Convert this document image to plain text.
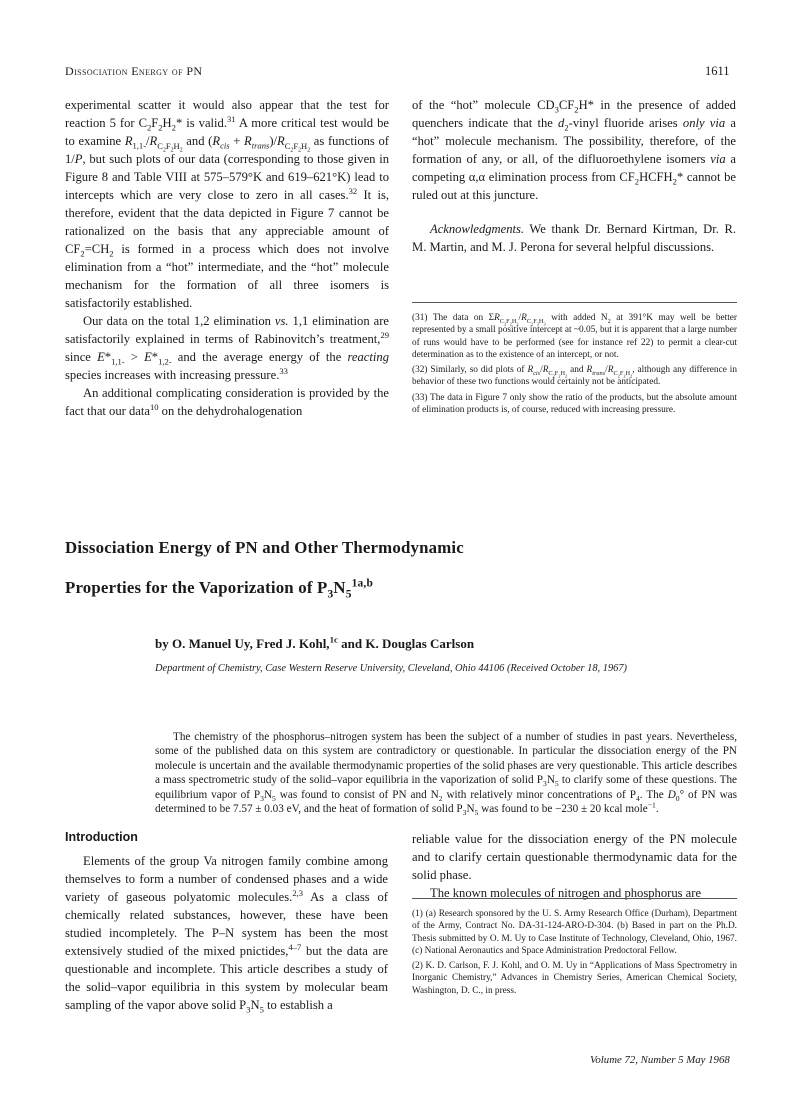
Dissociation Energy of PN	1611

experimental scatter it would also appear that the test for reaction 5 for $C_2F_2H_2*$ is valid.$^{31}$ A more critical test would be to examine $R_{1,1-}/R_{C_2F_2H_2}$ and $(R_{cis} + R_{trans})/R_{C_2F_2H_2}$ as functions of 1/P, but such plots of our data (corresponding to those given in Figure 8 and Table VIII at 575–579°K and 619–621°K) lead to intercepts which are very close to zero in all cases.$^{32}$ It is, therefore, evident that the data depicted in Figure 7 cannot be rationalized on the basis that any appreciable amount of $CF_2=CH_2$ is formed in a process which does not involve elimination from a “hot” intermediate, and the “hot” molecule mechanism for the formation of all three isomers is satisfactorily established.

Our data on the total 1,2 elimination vs. 1,1 elimination are satisfactorily explained in terms of Rabinovitch’s treatment,$^{29}$ since $E*_{1,1-} > E*_{1,2-}$ and the average energy of the reacting species increases with increasing pressure.$^{33}$

An additional complicating consideration is provided by the fact that our data$^{10}$ on the dehydrohalogenation

of the “hot” molecule $CD_3CF_2H*$ in the presence of added quenchers indicate that the $d_2$-vinyl fluoride arises only via a “hot” molecule mechanism. The possibility, therefore, of the formation of any, or all, of the difluoroethylene isomers via a competing α,α elimination process from $CF_2HCFH_2*$ cannot be ruled out at this juncture.

Acknowledgments. We thank Dr. Bernard Kirtman, Dr. R. M. Martin, and M. J. Perona for several helpful discussions.

(31) The data on $\Sigma R_{C_2F_2H_2}/R_{C_2F_3H_3}$ with added $N_2$ at 391°K may well be better represented by a small positive intercept at ~0.05, but it is apparent that a large number of runs would have to be performed (see for instance ref 22) to permit a clear-cut determination as to the existence of an intercept, or not.

(32) Similarly, so did plots of $R_{cis}/R_{C_2F_2H_2}$ and $R_{trans}/R_{C_2F_2H_2}$, although any difference in behavior of these two functions would certainly not be anticipated.

(33) The data in Figure 7 only show the ratio of the products, but the absolute amount of elimination products is, of course, reduced with increasing pressure.

Dissociation Energy of PN and Other Thermodynamic
Properties for the Vaporization of $P_3N_5^{1a,b}$
by O. Manuel Uy, Fred J. Kohl,$^{1c}$ and K. Douglas Carlson
Department of Chemistry, Case Western Reserve University, Cleveland, Ohio 44106 (Received October 18, 1967)
The chemistry of the phosphorus–nitrogen system has been the subject of a number of studies in past years. Nevertheless, some of the published data on this system are contradictory or questionable. In particular the dissociation energy of the PN molecule is uncertain and the available thermodynamic properties of the solid phases are very questionable. This article describes a mass spectrometric study of the solid–vapor equilibria in the vaporization of solid $P_3N_5$ to clarify some of these questions. The equilibrium vapor of $P_3N_5$ was found to consist of PN and $N_2$ with relatively minor concentrations of $P_4$. The $D_0^\circ$ of PN was determined to be 7.57 ± 0.03 eV, and the heat of formation of solid $P_3N_5$ was found to be −230 ± 20 kcal mole$^{-1}$.
Introduction

Elements of the group Va nitrogen family combine among themselves to form a number of condensed phases and a wide variety of gaseous polyatomic molecules.$^{2,3}$ As a class of chemically related substances, however, these have been studied incompletely. The P–N system has been the most extensively studied of the mixed pnictides,$^{4-7}$ but the data are questionable and incomplete. This article describes a study of the solid–vapor equilibria in this system by molecular beam sampling of the vapor above solid $P_3N_5$ to establish a

reliable value for the dissociation energy of the PN molecule and to clarify certain questionable thermodynamic data for the solid phase.

The known molecules of nitrogen and phosphorus are

(1) (a) Research sponsored by the U. S. Army Research Office (Durham), Department of the Army, Contract No. DA-31-124-ARO-D-304. (b) Based in part on the Ph.D. Thesis submitted by O. M. Uy to Case Institute of Technology, Cleveland, Ohio, 1967. (c) National Aeronautics and Space Administration Predoctoral Fellow.

(2) K. D. Carlson, F. J. Kohl, and O. M. Uy in “Applications of Mass Spectrometry in Inorganic Chemistry,” Advances in Chemistry Series, American Chemical Society, Washington, D. C., in press.

Volume 72, Number 5 May 1968
